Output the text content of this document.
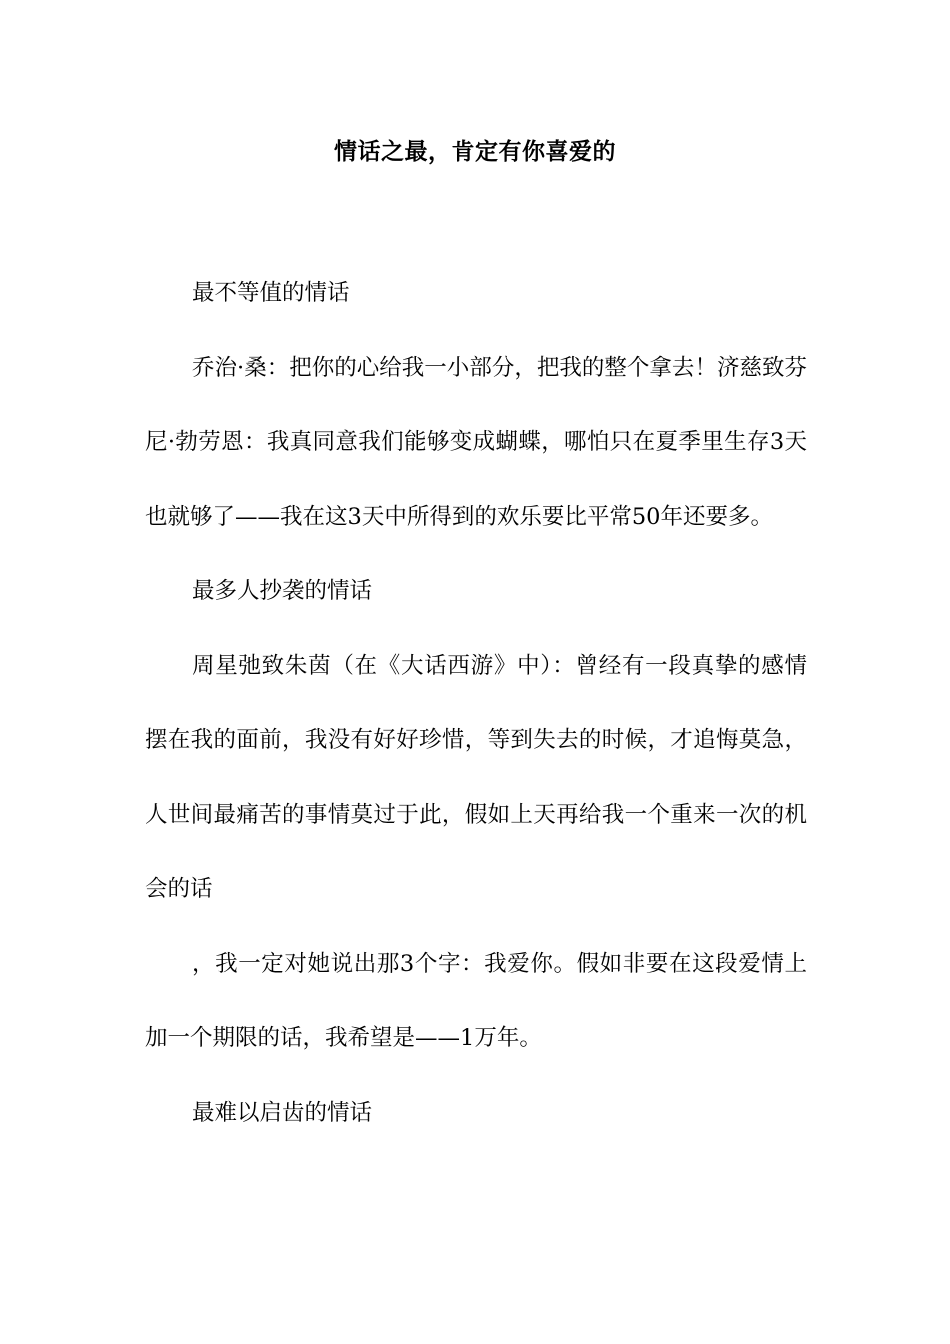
情话之最，肯定有你喜爱的

最不等值的情话

乔治·桑：把你的心给我一小部分，把我的整个拿去！济慈致芬尼·勃劳恩：我真同意我们能够变成蝴蝶，哪怕只在夏季里生存3天也就够了——我在这3天中所得到的欢乐要比平常50年还要多。

最多人抄袭的情话

周星弛致朱茵（在《大话西游》中）：曾经有一段真挚的感情摆在我的面前，我没有好好珍惜，等到失去的时候，才追悔莫急，人世间最痛苦的事情莫过于此，假如上天再给我一个重来一次的机会的话

，我一定对她说出那3个字：我爱你。假如非要在这段爱情上加一个期限的话，我希望是——1万年。

最难以启齿的情话
